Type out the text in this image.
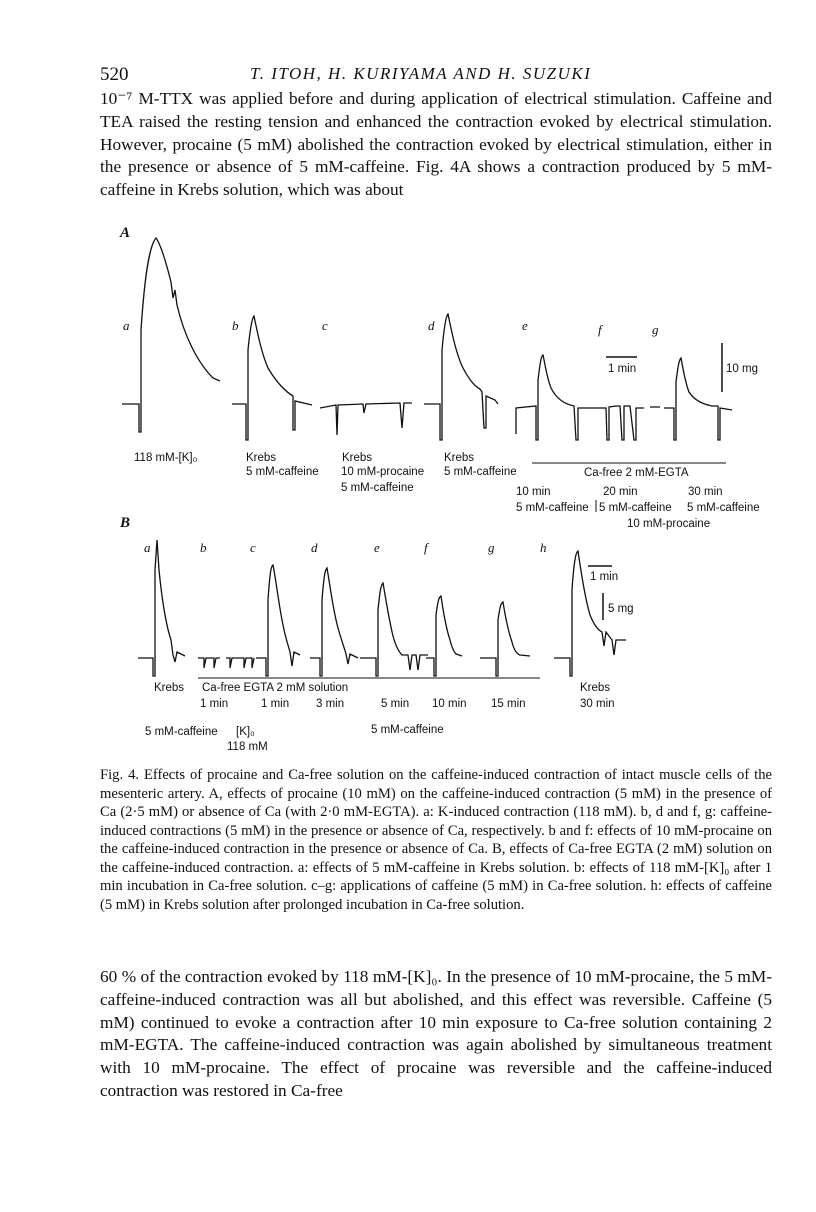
520	T. ITOH, H. KURIYAMA AND H. SUZUKI

10⁻⁷ M-TTX was applied before and during application of electrical stimulation. Caffeine and TEA raised the resting tension and enhanced the contraction evoked by electrical stimulation. However, procaine (5 mM) abolished the contraction evoked by electrical stimulation, either in the presence or absence of 5 mM-caffeine. Fig. 4A shows a contraction produced by 5 mM-caffeine in Krebs solution, which was about

A
a	b	c	d	e	f	g
1 min	10 mg
118 mM-[K]₀	Krebs
5 mM-caffeine
Krebs
10 mM-procaine
5 mM-caffeine
Krebs
5 mM-caffeine	Ca-free 2 mM-EGTA
10 min	20 min	30 min
5 mM-caffeine 5 mM-caffeine 5 mM-caffeine
10 mM-procaine
B
a	b	c	d	e	f	g	h
1 min
5 mg
Krebs Ca-free EGTA 2 mM solution
1 min	1 min 3 min	5 min 10 min 15 min
Krebs
30 min
5 mM-caffeine [K]₀
118 mM
5 mM-caffeine

Fig. 4. Effects of procaine and Ca-free solution on the caffeine-induced contraction of intact muscle cells of the mesenteric artery. A, effects of procaine (10 mM) on the caffeine-induced contraction (5 mM) in the presence of Ca (2·5 mM) or absence of Ca (with 2·0 mM-EGTA). a: K-induced contraction (118 mM). b, d and f, g: caffeine-induced contractions (5 mM) in the presence or absence of Ca, respectively. b and f: effects of 10 mM-procaine on the caffeine-induced contraction in the presence or absence of Ca. B, effects of Ca-free EGTA (2 mM) solution on the caffeine-induced contraction. a: effects of 5 mM-caffeine in Krebs solution. b: effects of 118 mM-[K]₀ after 1 min incubation in Ca-free solution. c–g: applications of caffeine (5 mM) in Ca-free solution. h: effects of caffeine (5 mM) in Krebs solution after prolonged incubation in Ca-free solution.

60 % of the contraction evoked by 118 mM-[K]₀. In the presence of 10 mM-procaine, the 5 mM-caffeine-induced contraction was all but abolished, and this effect was reversible. Caffeine (5 mM) continued to evoke a contraction after 10 min exposure to Ca-free solution containing 2 mM-EGTA. The caffeine-induced contraction was again abolished by simultaneous treatment with 10 mM-procaine. The effect of procaine was reversible and the caffeine-induced contraction was restored in Ca-free
